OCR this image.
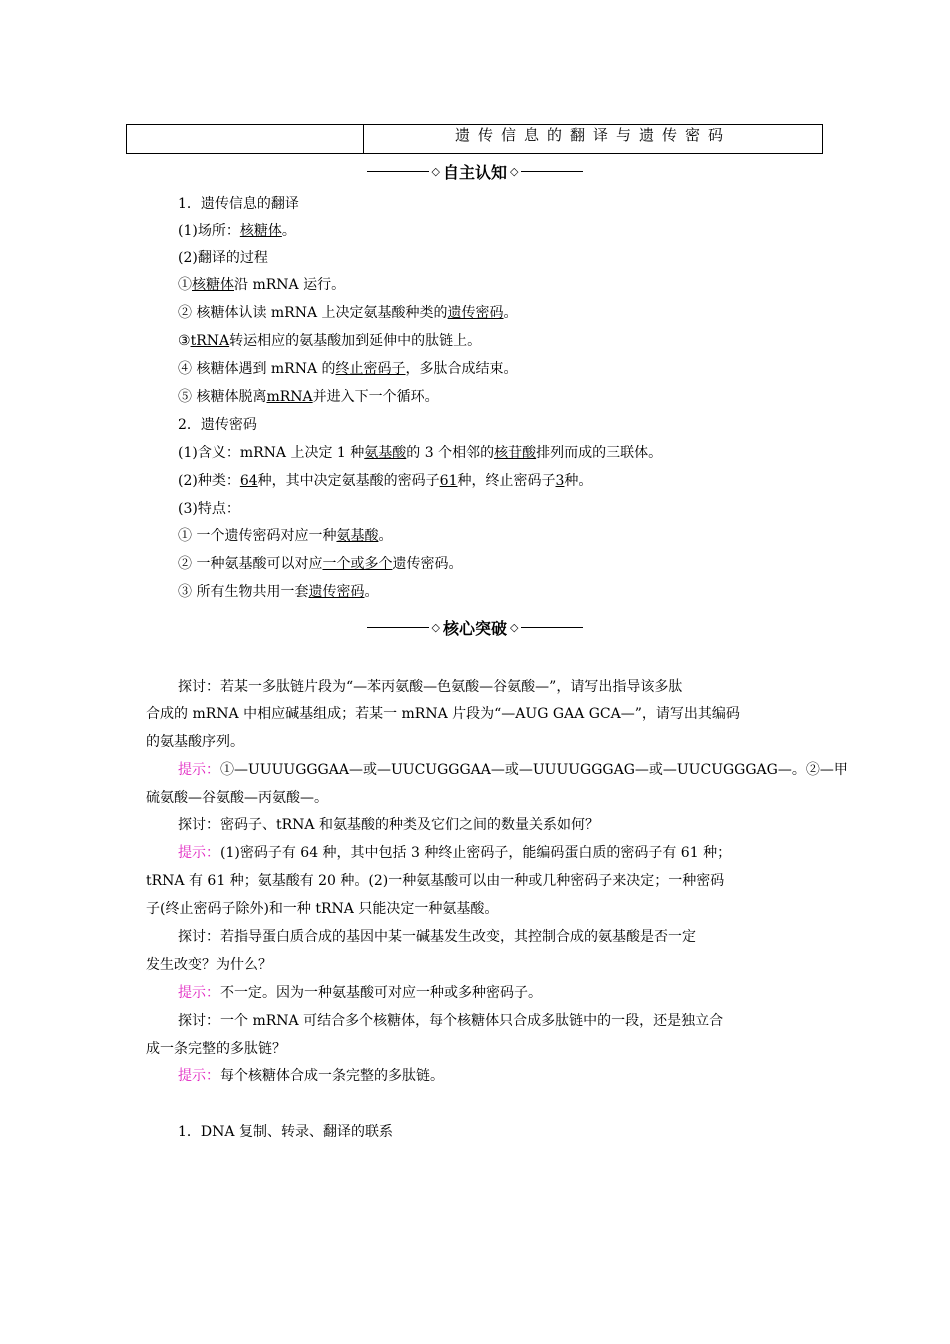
遗传信息的翻译与遗传密码
◇ 自主认知 ◇
1．遗传信息的翻译
(1)场所：核糖体。
(2)翻译的过程
①核糖体沿 mRNA 运行。
② 核糖体认读 mRNA 上决定氨基酸种类的遗传密码。
③tRNA转运相应的氨基酸加到延伸中的肽链上。
④ 核糖体遇到 mRNA 的终止密码子，多肽合成结束。
⑤ 核糖体脱离mRNA并进入下一个循环。
2．遗传密码
(1)含义：mRNA 上决定 1 种氨基酸的 3 个相邻的核苷酸排列而成的三联体。
(2)种类：64种，其中决定氨基酸的密码子61种，终止密码子3种。
(3)特点：
① 一个遗传密码对应一种氨基酸。
② 一种氨基酸可以对应一个或多个遗传密码。
③ 所有生物共用一套遗传密码。
◇ 核心突破 ◇
探讨：若某一多肽链片段为“—苯丙氨酸—色氨酸—谷氨酸—”，请写出指导该多肽
合成的 mRNA 中相应碱基组成；若某一 mRNA 片段为“—AUG GAA GCA—”，请写出其编码
的氨基酸序列。
提示：①—UUUUGGGAA—或—UUCUGGGAA—或—UUUUGGGAG—或—UUCUGGGAG—。②—甲
硫氨酸—谷氨酸—丙氨酸—。
探讨：密码子、tRNA 和氨基酸的种类及它们之间的数量关系如何？
提示：(1)密码子有 64 种，其中包括 3 种终止密码子，能编码蛋白质的密码子有 61 种；
tRNA 有 61 种；氨基酸有 20 种。(2)一种氨基酸可以由一种或几种密码子来决定；一种密码
子(终止密码子除外)和一种 tRNA 只能决定一种氨基酸。
探讨：若指导蛋白质合成的基因中某一碱基发生改变，其控制合成的氨基酸是否一定
发生改变？为什么？
提示：不一定。因为一种氨基酸可对应一种或多种密码子。
探讨：一个 mRNA 可结合多个核糖体，每个核糖体只合成多肽链中的一段，还是独立合
成一条完整的多肽链？
提示：每个核糖体合成一条完整的多肽链。
1．DNA 复制、转录、翻译的联系
